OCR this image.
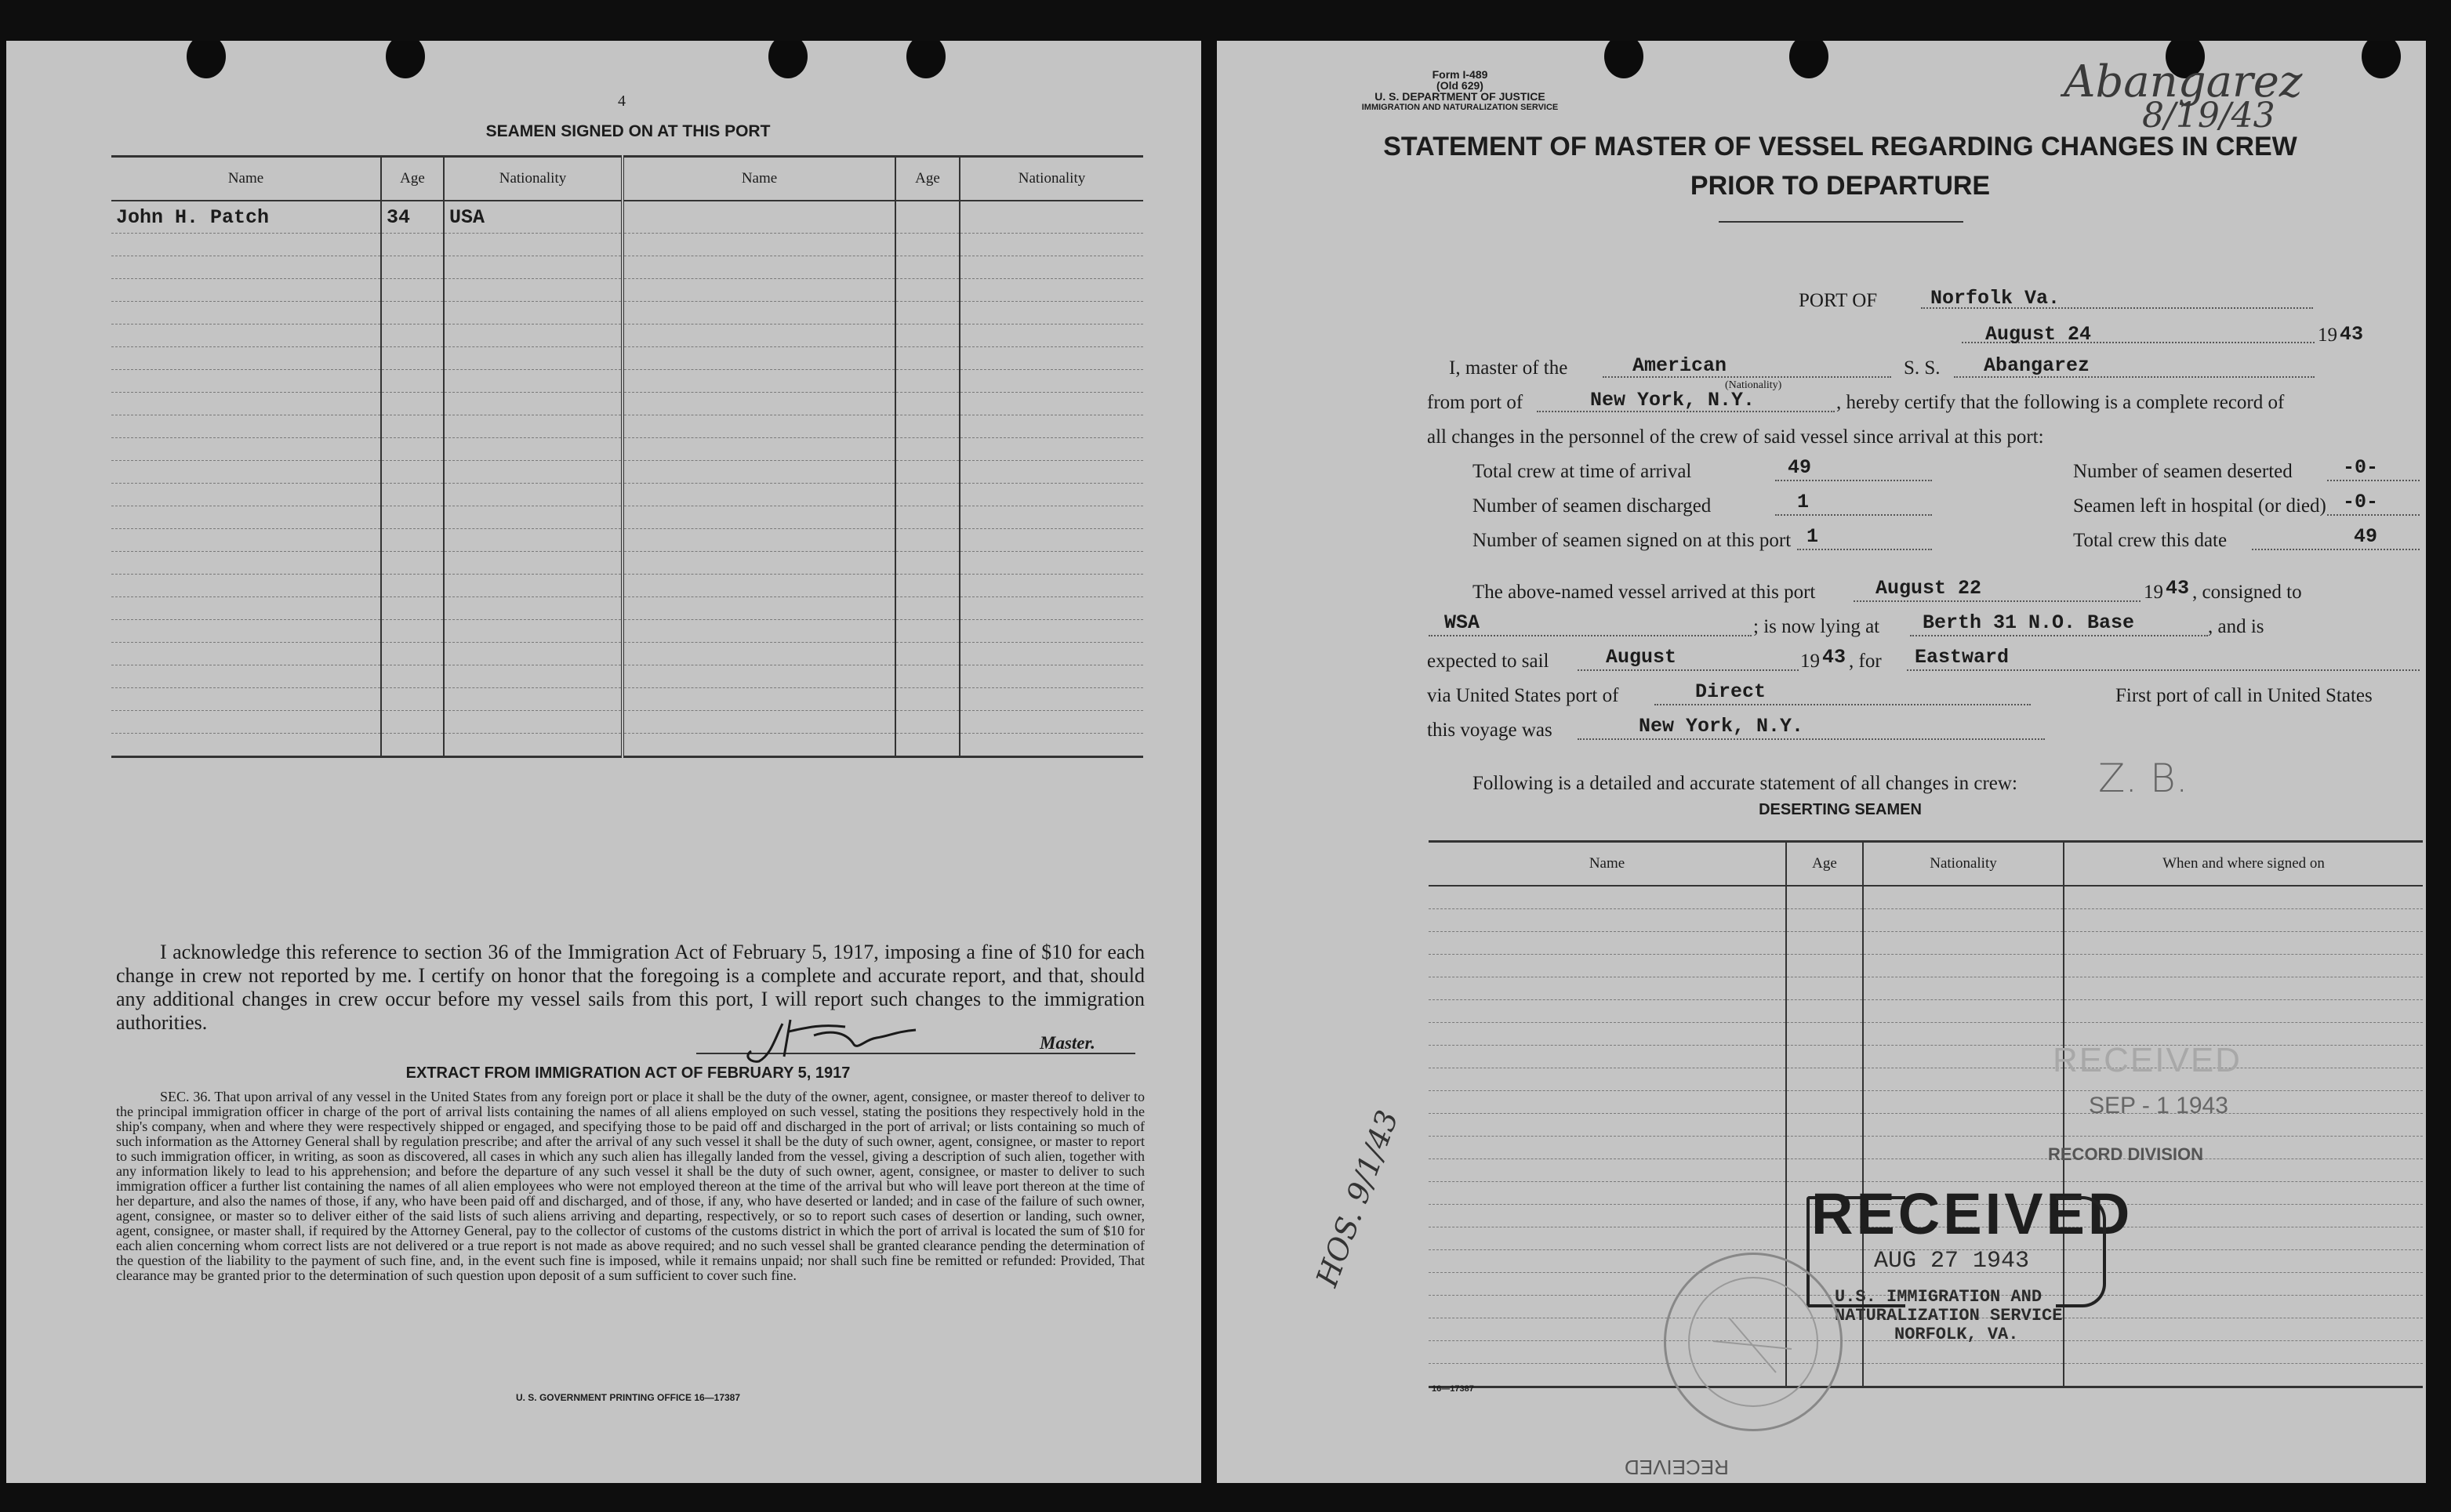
4
SEAMEN SIGNED ON AT THIS PORT
Name	Age	Nationality	Name	Age	Nationality
John H. Patch	34	USA			

I acknowledge this reference to section 36 of the Immigration Act of February 5, 1917, imposing a fine of $10 for each change in crew not reported by me. I certify on honor that the foregoing is a complete and accurate report, and that, should any additional changes in crew occur before my vessel sails from this port, I will report such changes to the immigration authorities.
Master.
EXTRACT FROM IMMIGRATION ACT OF FEBRUARY 5, 1917
SEC. 36. That upon arrival of any vessel in the United States from any foreign port or place it shall be the duty of the owner, agent, consignee, or master thereof to deliver to the principal immigration officer in charge of the port of arrival lists containing the names of all aliens employed on such vessel, stating the positions they respectively hold in the ship's company, when and where they were respectively shipped or engaged, and specifying those to be paid off and discharged in the port of arrival; or lists containing so much of such information as the Attorney General shall by regulation prescribe; and after the arrival of any such vessel it shall be the duty of such owner, agent, consignee, or master to report to such immigration officer, in writing, as soon as discovered, all cases in which any such alien has illegally landed from the vessel, giving a description of such alien, together with any information likely to lead to his apprehension; and before the departure of any such vessel it shall be the duty of such owner, agent, consignee, or master to deliver to such immigration officer a further list containing the names of all alien employees who were not employed thereon at the time of the arrival but who will leave port thereon at the time of her departure, and also the names of those, if any, who have been paid off and discharged, and of those, if any, who have deserted or landed; and in case of the failure of such owner, agent, consignee, or master so to deliver either of the said lists of such aliens arriving and departing, respectively, or so to report such cases of desertion or landing, such owner, agent, consignee, or master shall, if required by the Attorney General, pay to the collector of customs of the customs district in which the port of arrival is located the sum of $10 for each alien concerning whom correct lists are not delivered or a true report is not made as above required; and no such vessel shall be granted clearance pending the determination of the question of the liability to the payment of such fine, and, in the event such fine is imposed, while it remains unpaid; nor shall such fine be remitted or refunded: Provided, That clearance may be granted prior to the determination of such question upon deposit of a sum sufficient to cover such fine.
U. S. GOVERNMENT PRINTING OFFICE 16—17387
Form I-489
(Old 629)
U. S. DEPARTMENT OF JUSTICE
IMMIGRATION AND NATURALIZATION SERVICE	Abangarez
8/19/43
STATEMENT OF MASTER OF VESSEL REGARDING CHANGES IN CREW
PRIOR TO DEPARTURE
PORT OF	Norfolk Va.
August 24	19 43
I, master of the	American
(Nationality)
S. S. Abangarez
from port of	New York, N.Y.	, hereby certify that the following is a complete record of
all changes in the personnel of the crew of said vessel since arrival at this port:
Total crew at time of arrival	49	Number of seamen deserted	-0-
Number of seamen discharged	1	Seamen left in hospital (or died) -0-
Number of seamen signed on at this port 1	Total crew this date	49
The above-named vessel arrived at this port	August 22	19 43 , consigned to
WSA	; is now lying at Berth 31 N.O. Base	, and is
expected to sail	August	19 43 , for Eastward
via United States port of	Direct	First port of call in United States
this voyage was	New York, N.Y.
Following is a detailed and accurate statement of all changes in crew: Z. B.
DESERTING SEAMEN
Name	Age	Nationality	When and where signed on

RECEIVED
SEP - 1 1943
RECORD DIVISION
RECEIVED
AUG 27 1943
U.S. IMMIGRATION AND
NATURALIZATION SERVICE
NORFOLK, VA.
HOS. 9/1/43
16—17387
RECEIVED
